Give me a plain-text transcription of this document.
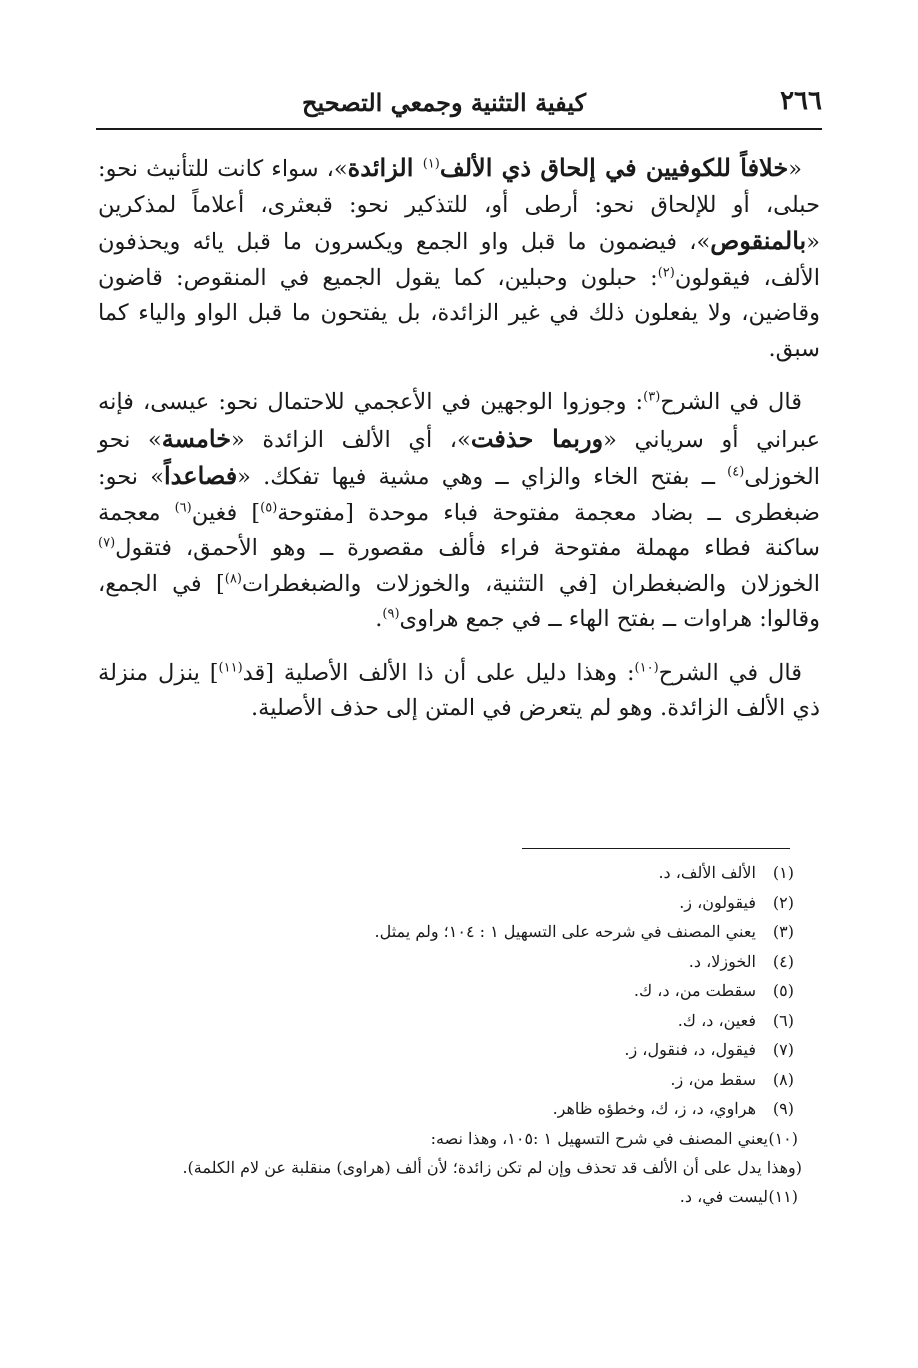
٢٦٦
كيفية التثنية وجمعي التصحيح

«خلافاً للكوفيين في إلحاق ذي الألف$^{(١)}$ الزائدة»، سواء كانت للتأنيث نحو: حبلى، أو للإلحاق نحو: أرطى أو، للتذكير نحو: قبعثرى، أعلاماً لمذكرين «بالمنقوص»، فيضمون ما قبل واو الجمع ويكسرون ما قبل يائه ويحذفون الألف، فيقولون$^{(٢)}$: حبلون وحبلين، كما يقول الجميع في المنقوص: قاضون وقاضين، ولا يفعلون ذلك في غير الزائدة، بل يفتحون ما قبل الواو والياء كما سبق.

قال في الشرح$^{(٣)}$: وجوزوا الوجهين في الأعجمي للاحتمال نحو: عيسى، فإنه عبراني أو سرياني «وربما حذفت»، أي الألف الزائدة «خامسة» نحو الخوزلى$^{(٤)}$ ــ بفتح الخاء والزاي ــ وهي مشية فيها تفكك. «فصاعداً» نحو: ضبغطرى ــ بضاد معجمة مفتوحة فباء موحدة [مفتوحة$^{(٥)}$] فغين$^{(٦)}$ معجمة ساكنة فطاء مهملة مفتوحة فراء فألف مقصورة ــ وهو الأحمق، فتقول$^{(٧)}$ الخوزلان والضبغطران [في التثنية، والخوزلات والضبغطرات$^{(٨)}$] في الجمع، وقالوا: هراوات ــ بفتح الهاء ــ في جمع هراوى$^{(٩)}$.

قال في الشرح$^{(١٠)}$: وهذا دليل على أن ذا الألف الأصلية [قد$^{(١١)}$] ينزل منزلة ذي الألف الزائدة. وهو لم يتعرض في المتن إلى حذف الأصلية.

(١)
الألف الألف، د.

(٢)
فيقولون، ز.

(٣)
يعني المصنف في شرحه على التسهيل ١ : ١٠٤؛ ولم يمثل.

(٤)
الخوزلا، د.

(٥)
سقطت من، د، ك.

(٦)
فعين، د، ك.

(٧)
فيقول، د، فنقول، ز.

(٨)
سقط من، ز.

(٩)
هراوي، د، ز، ك، وخطؤه ظاهر.

(١٠)
يعني المصنف في شرح التسهيل ١ :١٠٥، وهذا نصه:

(وهذا يدل على أن الألف قد تحذف وإن لم تكن زائدة؛ لأن ألف (هراوى) منقلبة عن لام الكلمة).

(١١)
ليست في، د.
